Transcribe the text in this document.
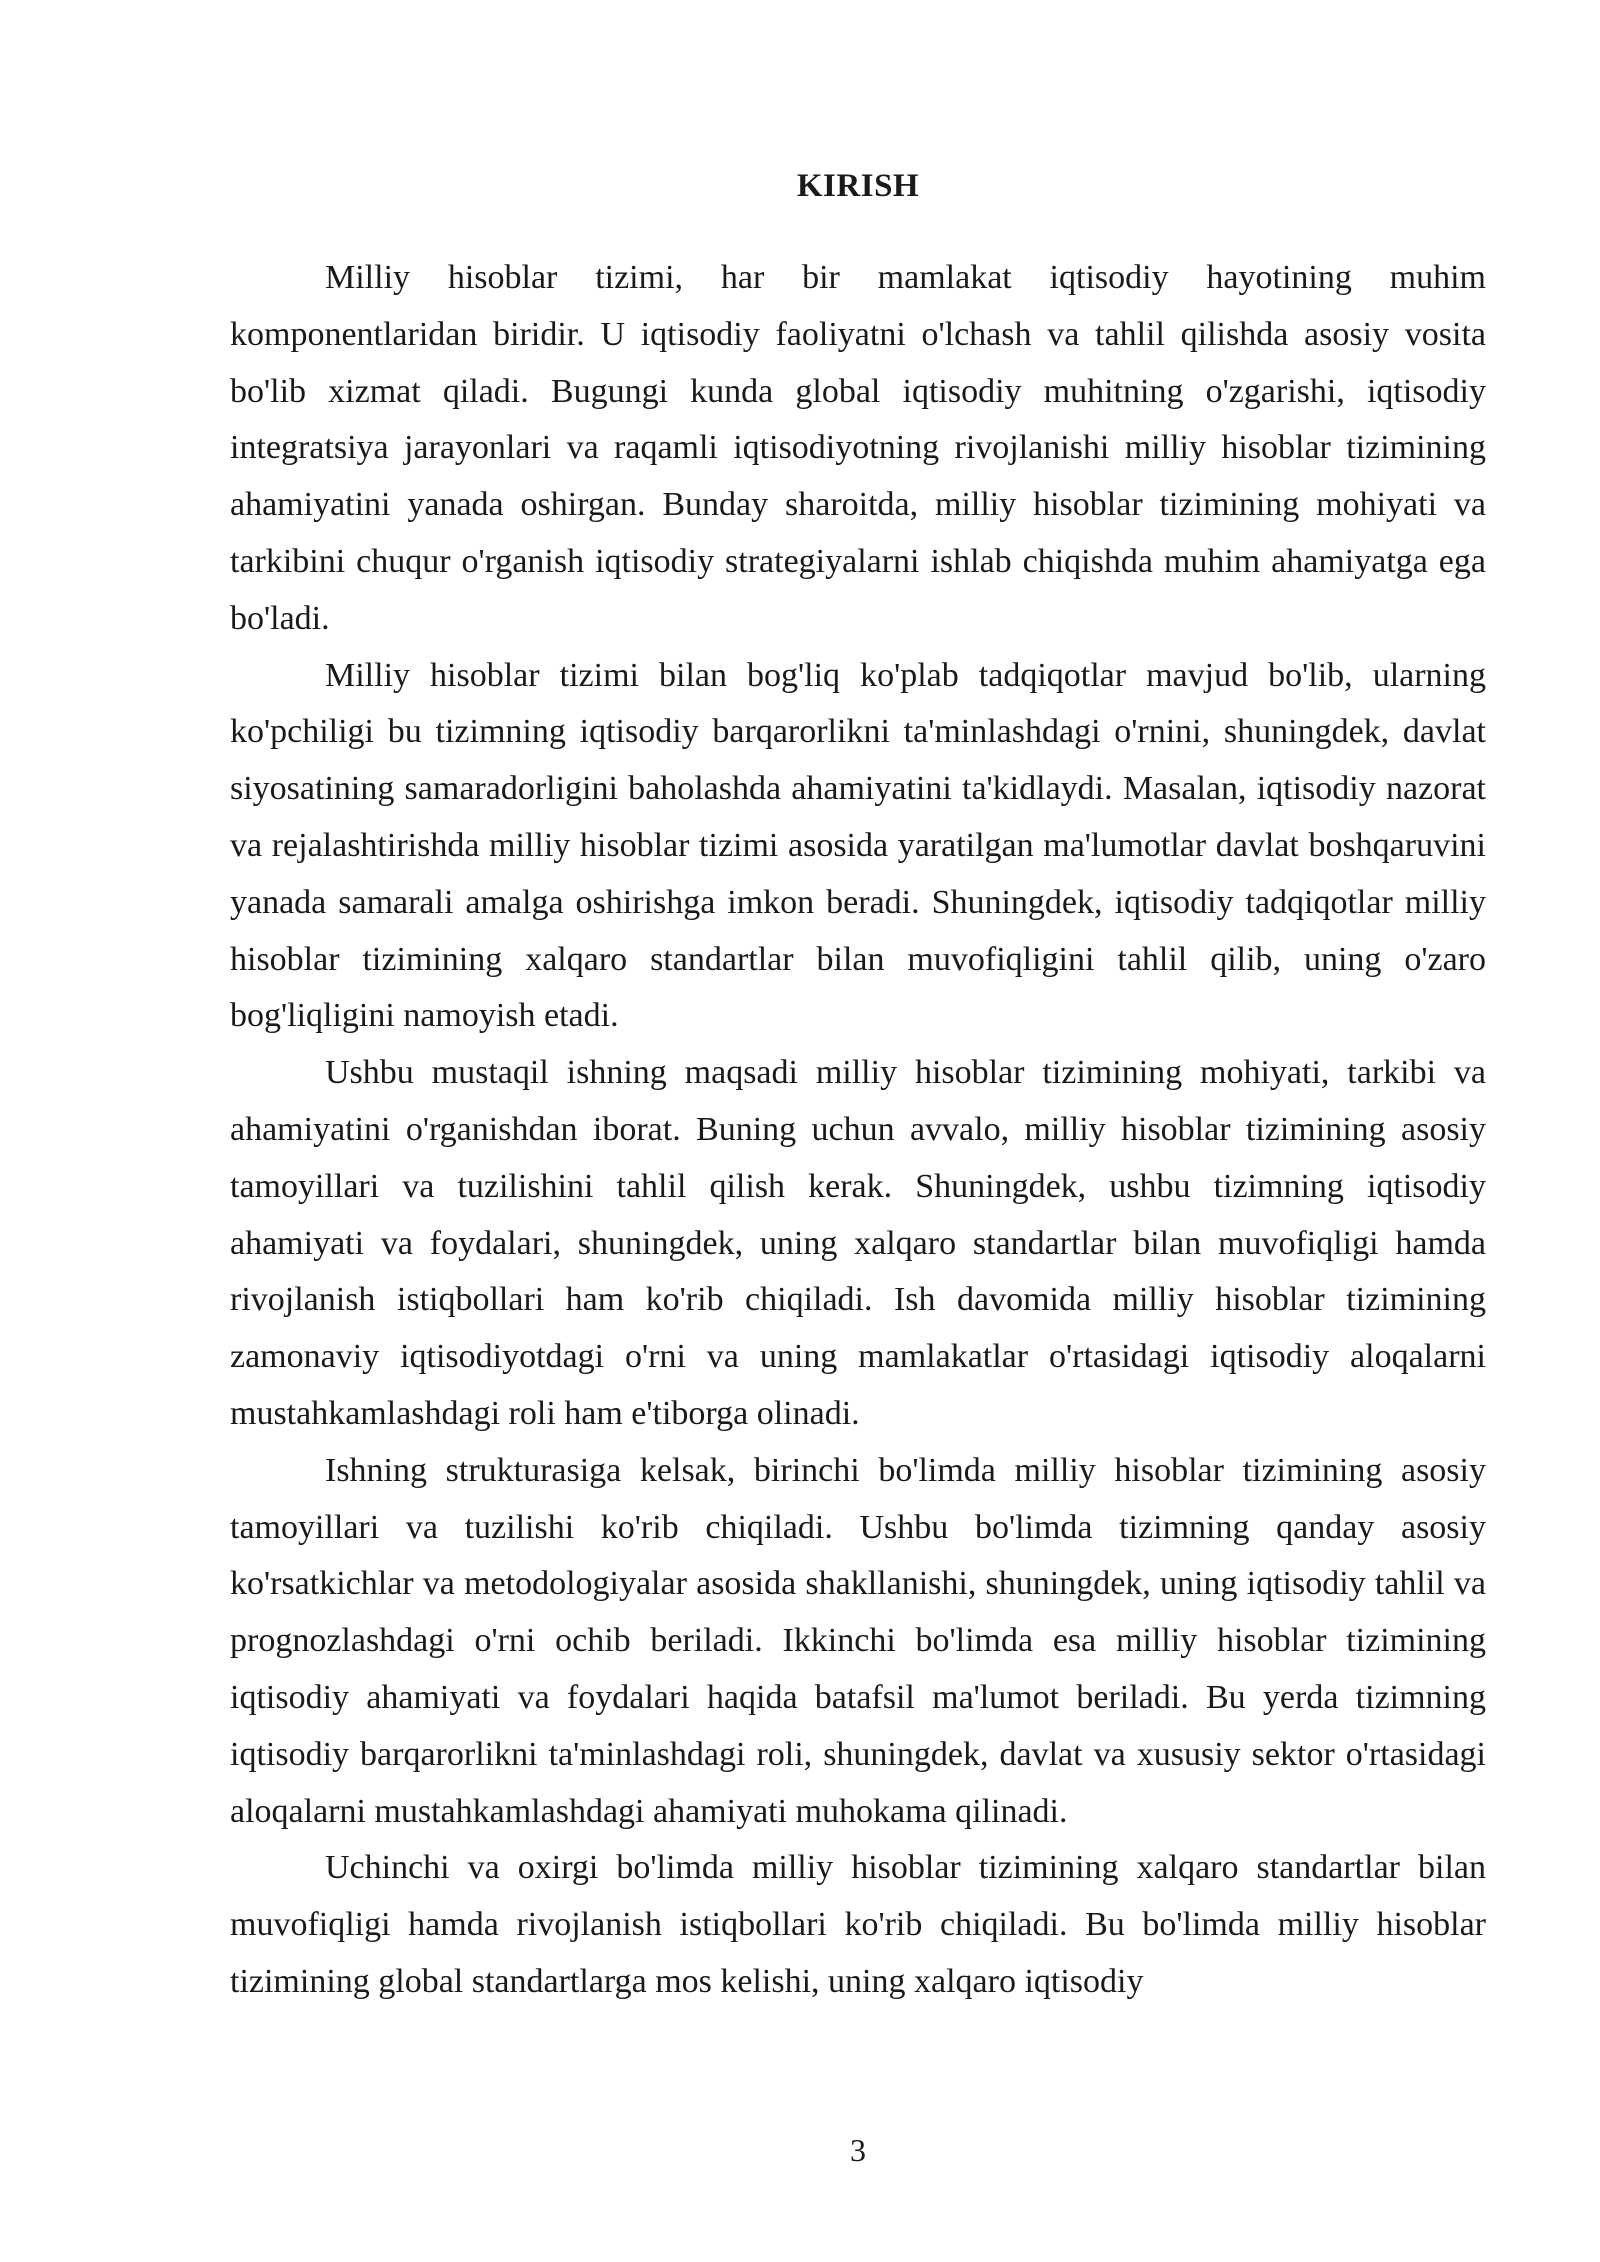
KIRISH

Milliy hisoblar tizimi, har bir mamlakat iqtisodiy hayotining muhim komponentlaridan biridir. U iqtisodiy faoliyatni o'lchash va tahlil qilishda asosiy vosita bo'lib xizmat qiladi. Bugungi kunda global iqtisodiy muhitning o'zgarishi, iqtisodiy integratsiya jarayonlari va raqamli iqtisodiyotning rivojlanishi milliy hisoblar tizimining ahamiyatini yanada oshirgan. Bunday sharoitda, milliy hisoblar tizimining mohiyati va tarkibini chuqur o'rganish iqtisodiy strategiyalarni ishlab chiqishda muhim ahamiyatga ega bo'ladi.

Milliy hisoblar tizimi bilan bog'liq ko'plab tadqiqotlar mavjud bo'lib, ularning ko'pchiligi bu tizimning iqtisodiy barqarorlikni ta'minlashdagi o'rnini, shuningdek, davlat siyosatining samaradorligini baholashda ahamiyatini ta'kidlaydi. Masalan, iqtisodiy nazorat va rejalashtirishda milliy hisoblar tizimi asosida yaratilgan ma'lumotlar davlat boshqaruvini yanada samarali amalga oshirishga imkon beradi. Shuningdek, iqtisodiy tadqiqotlar milliy hisoblar tizimining xalqaro standartlar bilan muvofiqligini tahlil qilib, uning o'zaro bog'liqligini namoyish etadi.

Ushbu mustaqil ishning maqsadi milliy hisoblar tizimining mohiyati, tarkibi va ahamiyatini o'rganishdan iborat. Buning uchun avvalo, milliy hisoblar tizimining asosiy tamoyillari va tuzilishini tahlil qilish kerak. Shuningdek, ushbu tizimning iqtisodiy ahamiyati va foydalari, shuningdek, uning xalqaro standartlar bilan muvofiqligi hamda rivojlanish istiqbollari ham ko'rib chiqiladi. Ish davomida milliy hisoblar tizimining zamonaviy iqtisodiyotdagi o'rni va uning mamlakatlar o'rtasidagi iqtisodiy aloqalarni mustahkamlashdagi roli ham e'tiborga olinadi.

Ishning strukturasiga kelsak, birinchi bo'limda milliy hisoblar tizimining asosiy tamoyillari va tuzilishi ko'rib chiqiladi. Ushbu bo'limda tizimning qanday asosiy ko'rsatkichlar va metodologiyalar asosida shakllanishi, shuningdek, uning iqtisodiy tahlil va prognozlashdagi o'rni ochib beriladi. Ikkinchi bo'limda esa milliy hisoblar tizimining iqtisodiy ahamiyati va foydalari haqida batafsil ma'lumot beriladi. Bu yerda tizimning iqtisodiy barqarorlikni ta'minlashdagi roli, shuningdek, davlat va xususiy sektor o'rtasidagi aloqalarni mustahkamlashdagi ahamiyati muhokama qilinadi.

Uchinchi va oxirgi bo'limda milliy hisoblar tizimining xalqaro standartlar bilan muvofiqligi hamda rivojlanish istiqbollari ko'rib chiqiladi. Bu bo'limda milliy hisoblar tizimining global standartlarga mos kelishi, uning xalqaro iqtisodiy

3
